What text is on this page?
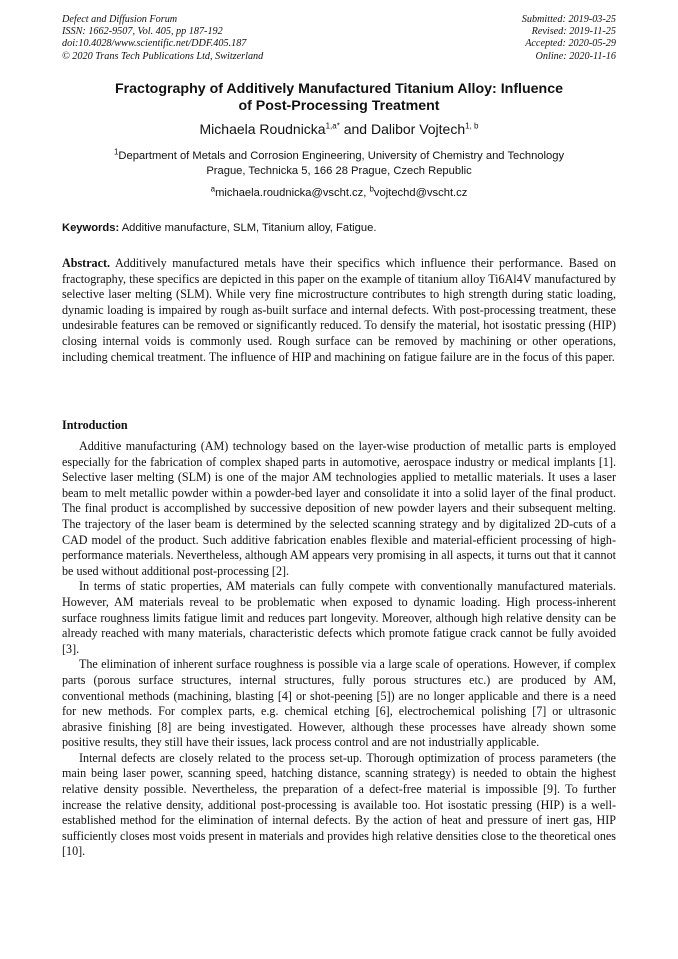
Defect and Diffusion Forum
ISSN: 1662-9507, Vol. 405, pp 187-192
doi:10.4028/www.scientific.net/DDF.405.187
© 2020 Trans Tech Publications Ltd, Switzerland
Submitted: 2019-03-25
Revised: 2019-11-25
Accepted: 2020-05-29
Online: 2020-11-16
Fractography of Additively Manufactured Titanium Alloy: Influence
of Post-Processing Treatment
Michaela Roudnicka$^{1,a*}$ and Dalibor Vojtech$^{1, b}$
$^1$Department of Metals and Corrosion Engineering, University of Chemistry and Technology
Prague, Technicka 5, 166 28 Prague, Czech Republic
$^a$michaela.roudnicka@vscht.cz, $^b$vojtechd@vscht.cz
Keywords: Additive manufacture, SLM, Titanium alloy, Fatigue.

Abstract. Additively manufactured metals have their specifics which influence their performance. Based on fractography, these specifics are depicted in this paper on the example of titanium alloy Ti6Al4V manufactured by selective laser melting (SLM). While very fine microstructure contributes to high strength during static loading, dynamic loading is impaired by rough as-built surface and internal defects. With post-processing treatment, these undesirable features can be removed or significantly reduced. To densify the material, hot isostatic pressing (HIP) closing internal voids is commonly used. Rough surface can be removed by machining or other operations, including chemical treatment. The influence of HIP and machining on fatigue failure are in the focus of this paper.

Introduction

Additive manufacturing (AM) technology based on the layer-wise production of metallic parts is employed especially for the fabrication of complex shaped parts in automotive, aerospace industry or medical implants [1]. Selective laser melting (SLM) is one of the major AM technologies applied to metallic materials. It uses a laser beam to melt metallic powder within a powder-bed layer and consolidate it into a solid layer of the final product. The final product is accomplished by successive deposition of new powder layers and their subsequent melting. The trajectory of the laser beam is determined by the selected scanning strategy and by digitalized 2D-cuts of a CAD model of the product. Such additive fabrication enables flexible and material-efficient processing of high-performance materials. Nevertheless, although AM appears very promising in all aspects, it turns out that it cannot be used without additional post-processing [2].

In terms of static properties, AM materials can fully compete with conventionally manufactured materials. However, AM materials reveal to be problematic when exposed to dynamic loading. High process-inherent surface roughness limits fatigue limit and reduces part longevity. Moreover, although high relative density can be already reached with many materials, characteristic defects which promote fatigue crack cannot be fully avoided [3].

The elimination of inherent surface roughness is possible via a large scale of operations. However, if complex parts (porous surface structures, internal structures, fully porous structures etc.) are produced by AM, conventional methods (machining, blasting [4] or shot-peening [5]) are no longer applicable and there is a need for new methods. For complex parts, e.g. chemical etching [6], electrochemical polishing [7] or ultrasonic abrasive finishing [8] are being investigated. However, although these processes have already shown some positive results, they still have their issues, lack process control and are not industrially applicable.

Internal defects are closely related to the process set-up. Thorough optimization of process parameters (the main being laser power, scanning speed, hatching distance, scanning strategy) is needed to obtain the highest relative density possible. Nevertheless, the preparation of a defect-free material is impossible [9]. To further increase the relative density, additional post-processing is available too. Hot isostatic pressing (HIP) is a well-established method for the elimination of internal defects. By the action of heat and pressure of inert gas, HIP sufficiently closes most voids present in materials and provides high relative densities close to the theoretical ones [10].
